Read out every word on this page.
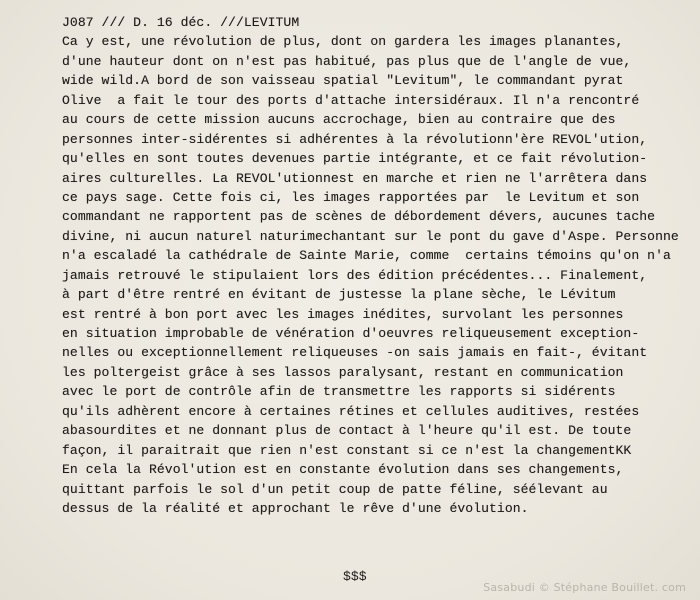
J087 /// D. 16 déc. ///LEVITUM
Ca y est, une révolution de plus, dont on gardera les images planantes,
d'une hauteur dont on n'est pas habitué, pas plus que de l'angle de vue,
wide wild.A bord de son vaisseau spatial "Levitum", le commandant pyrat
Olive  a fait le tour des ports d'attache intersidéraux. Il n'a rencontré
au cours de cette mission aucuns accrochage, bien au contraire que des
personnes inter-sidérentes si adhérentes à la révolutionn'ère REVOL'ution,
qu'elles en sont toutes devenues partie intégrante, et ce fait révolution-
aires culturelles. La REVOL'utionnest en marche et rien ne l'arrêtera dans
ce pays sage. Cette fois ci, les images rapportées par  le Levitum et son
commandant ne rapportent pas de scènes de débordement dévers, aucunes tache
divine, ni aucun naturel naturimechantant sur le pont du gave d'Aspe. Personne
n'a escaladé la cathédrale de Sainte Marie, comme  certains témoins qu'on n'a
jamais retrouvé le stipulaient lors des édition précédentes... Finalement,
à part d'être rentré en évitant de justesse la plane sèche, le Lévitum
est rentré à bon port avec les images inédites, survolant les personnes
en situation improbable de vénération d'oeuvres reliqueusement exception-
nelles ou exceptionnellement reliqueuses -on sais jamais en fait-, évitant
les poltergeist grâce à ses lassos paralysant, restant en communication
avec le port de contrôle afin de transmettre les rapports si sidérents
qu'ils adhèrent encore à certaines rétines et cellules auditives, restées
abasourdites et ne donnant plus de contact à l'heure qu'il est. De toute
façon, il paraitrait que rien n'est constant si ce n'est la changementKK
En cela la Révol'ution est en constante évolution dans ses changements,
quittant parfois le sol d'un petit coup de patte féline, séélevant au
dessus de la réalité et approchant le rêve d'une évolution.
$$$
Sasabudi © Stéphane Bouillet. com
